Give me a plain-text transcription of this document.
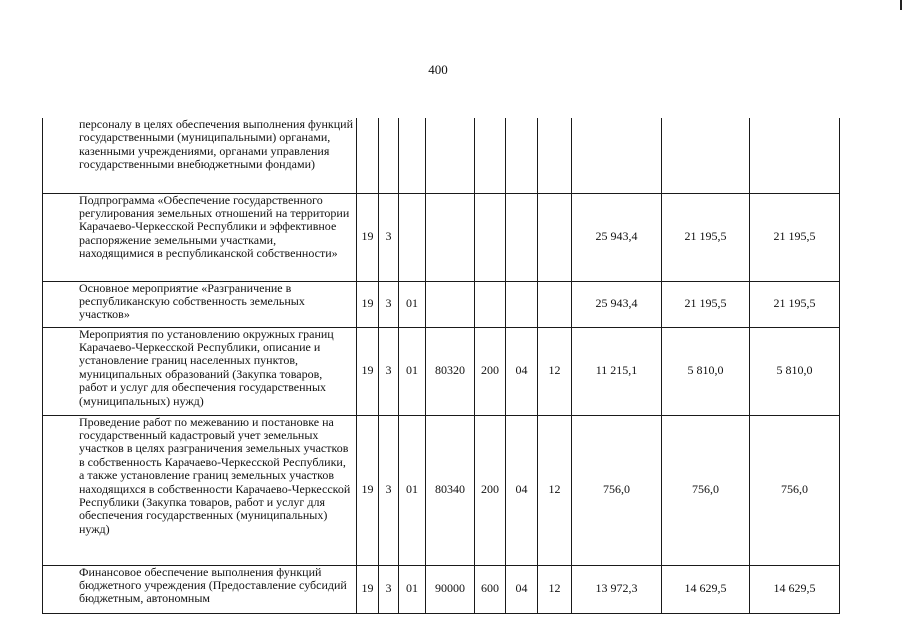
400
персоналу в целях обеспечения выполнения функций государственными (муниципальными) органами, казенными учреждениями, органами управления государственными внебюджетными фондами)										
Подпрограмма «Обеспечение государственного регулирования земельных отношений на территории Карачаево-Черкесской Республики и эффективное распоряжение земельными участками, находящимися в республиканской собственности»	19	3						25 943,4	21 195,5	21 195,5
Основное мероприятие «Разграничение в республиканскую собственность земельных участков»	19	3	01					25 943,4	21 195,5	21 195,5
Мероприятия по установлению окружных границ Карачаево-Черкесской Республики, описание и установление границ населенных пунктов, муниципальных образований (Закупка товаров, работ и услуг для обеспечения государственных (муниципальных) нужд)	19	3	01	80320	200	04	12	11 215,1	5 810,0	5 810,0
Проведение работ по межеванию и постановке на государственный кадастровый учет земельных участков в целях разграничения земельных участков в собственность Карачаево-Черкесской Республики, а также установление границ земельных участков находящихся в собственности Карачаево-Черкесской Республики (Закупка товаров, работ и услуг для обеспечения государственных (муниципальных) нужд)	19	3	01	80340	200	04	12	756,0	756,0	756,0
Финансовое обеспечение выполнения функций бюджетного учреждения (Предоставление субсидий бюджетным, автономным	19	3	01	90000	600	04	12	13 972,3	14 629,5	14 629,5
